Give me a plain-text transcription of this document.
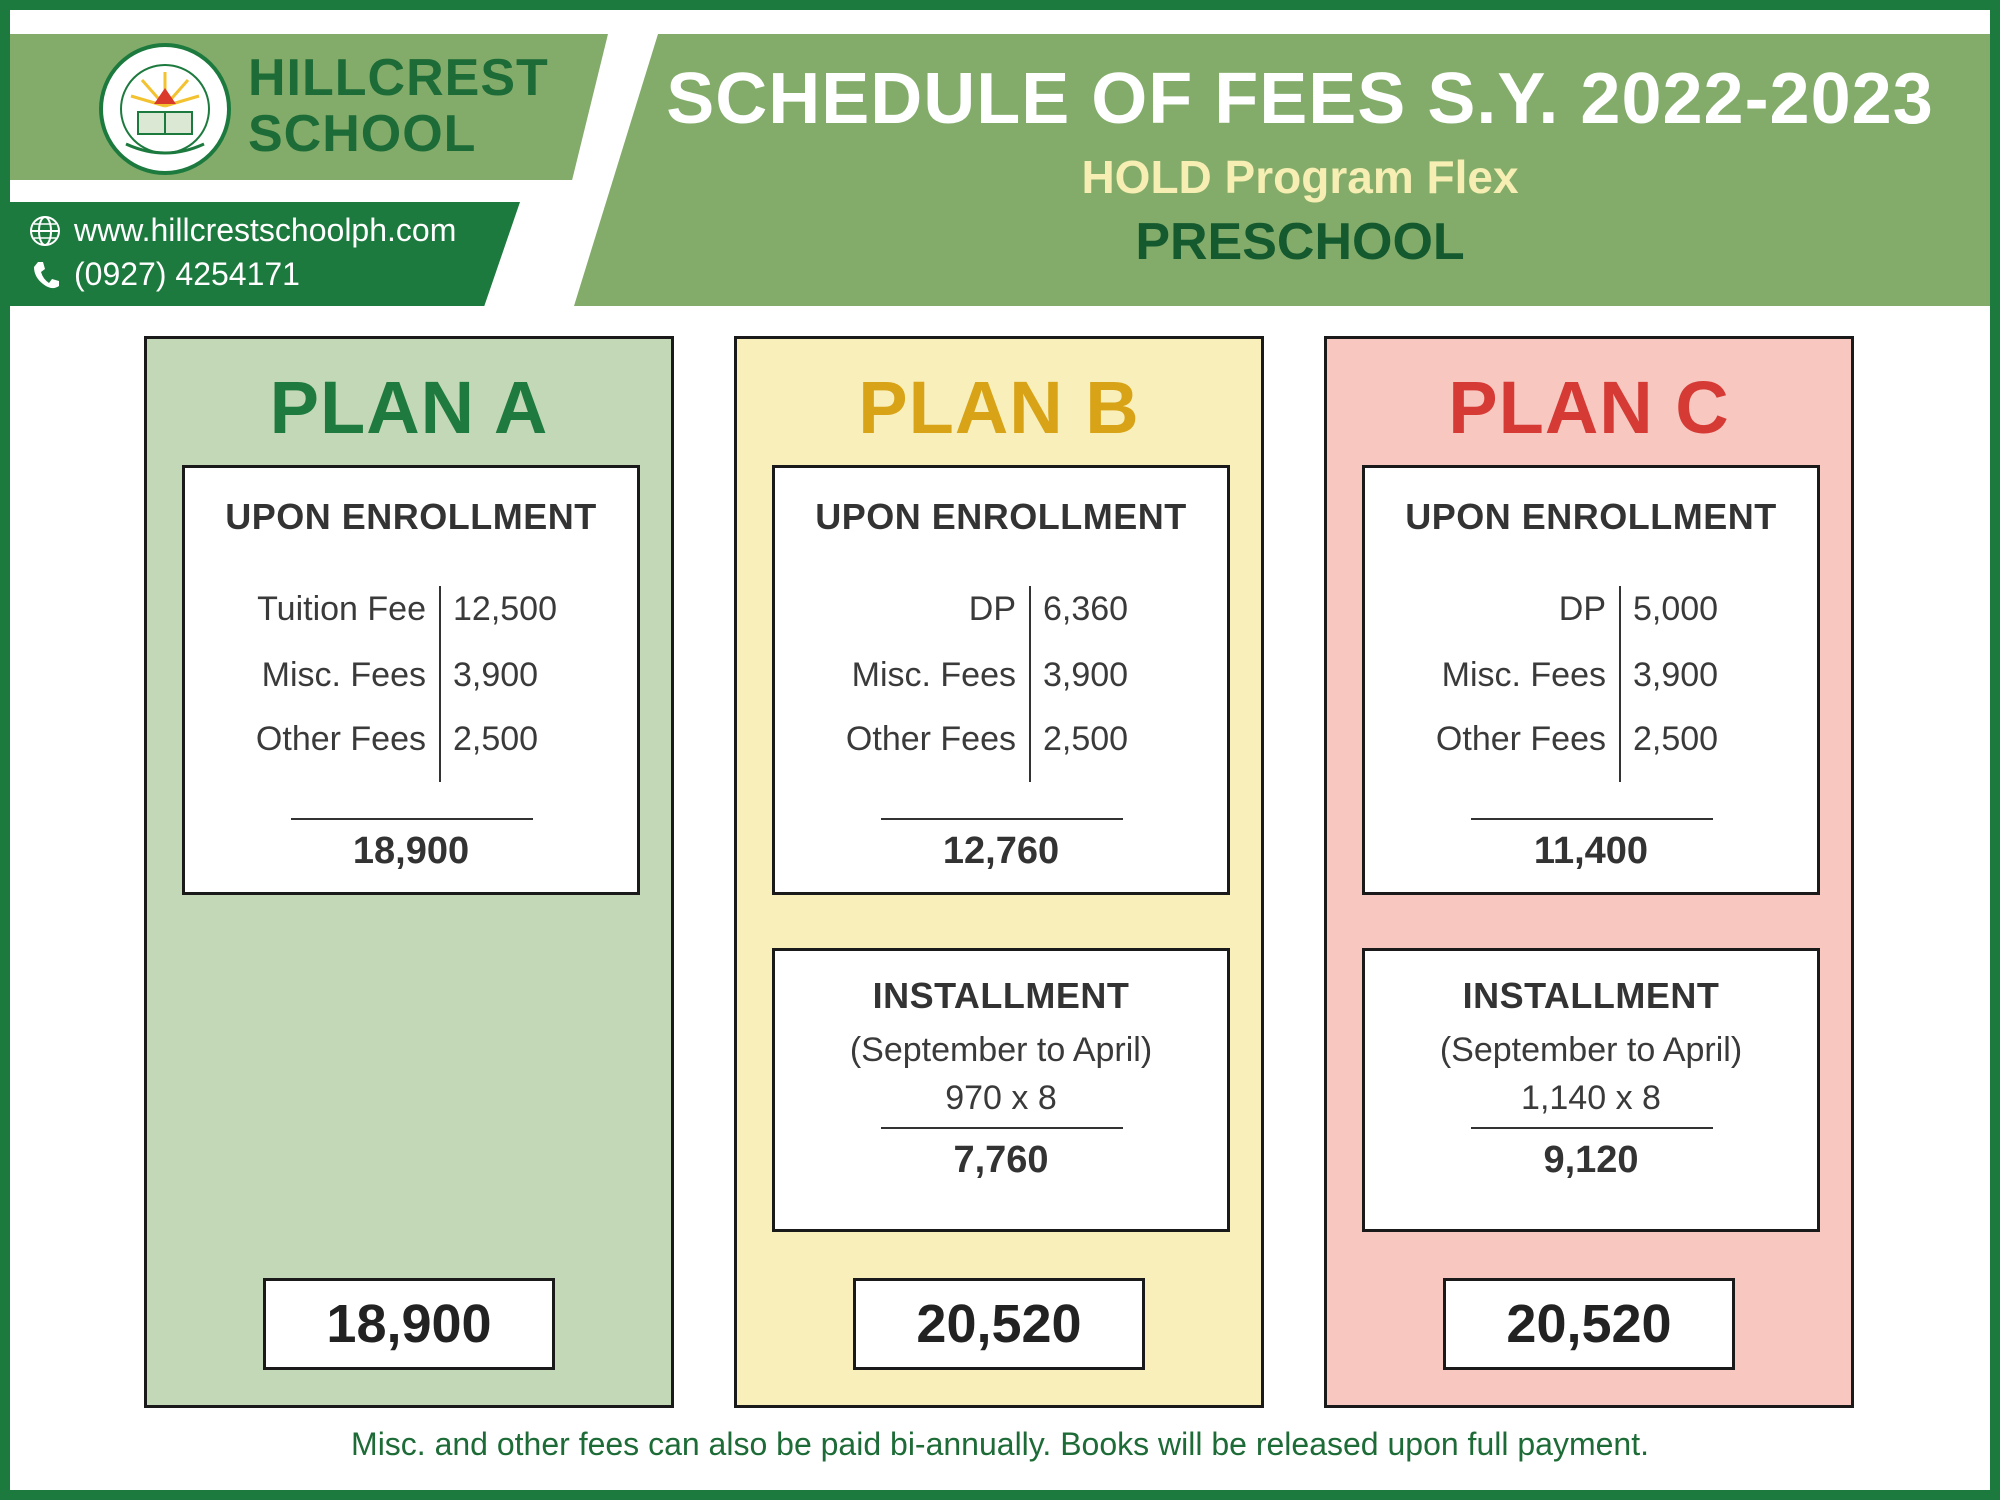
HILLCREST
SCHOOL
www.hillcrestschoolph.com
(0927) 4254171
SCHEDULE OF FEES S.Y. 2022-2023
HOLD Program Flex
PRESCHOOL
PLAN A
UPON ENROLLMENT
Tuition Fee 12,500
Misc. Fees 3,900
Other Fees 2,500
18,900
18,900
PLAN B
UPON ENROLLMENT
DP 6,360
Misc. Fees 3,900
Other Fees 2,500
12,760
INSTALLMENT
(September to April)
970 x 8
7,760
20,520
PLAN C
UPON ENROLLMENT
DP 5,000
Misc. Fees 3,900
Other Fees 2,500
11,400
INSTALLMENT
(September to April)
1,140 x 8
9,120
20,520
Misc. and other fees can also be paid bi-annually. Books will be released upon full payment.
